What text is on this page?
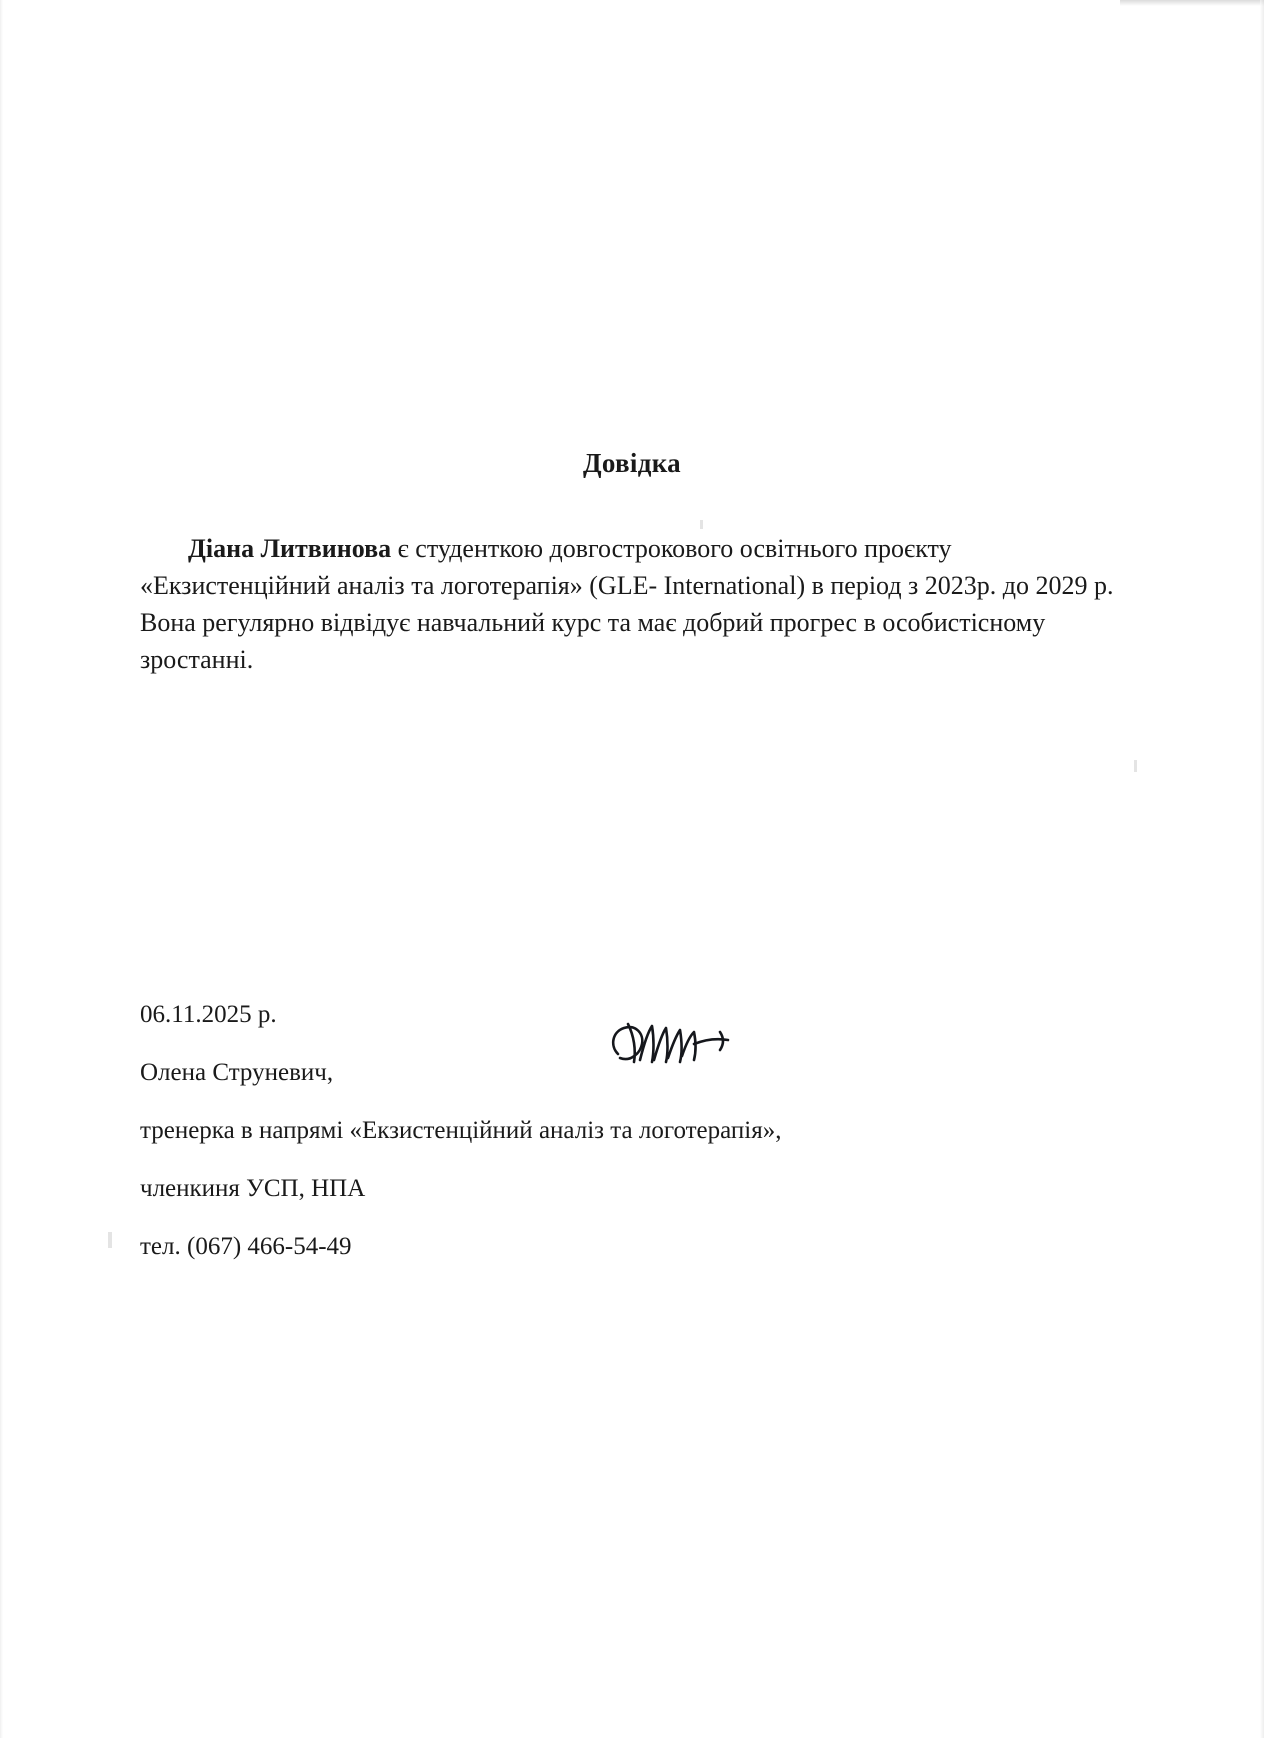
Довідка

Діана Литвинова є студенткою довгострокового освітнього проєкту «Екзистенційний аналіз та логотерапія» (GLE- International) в період з 2023р. до 2029 р. Вона регулярно відвідує навчальний курс та має добрий прогрес в особистісному зростанні.

06.11.2025 р.

Олена Струневич,

тренерка в напрямі «Екзистенційний аналіз та логотерапія»,

членкиня УСП, НПА

тел. (067) 466-54-49
